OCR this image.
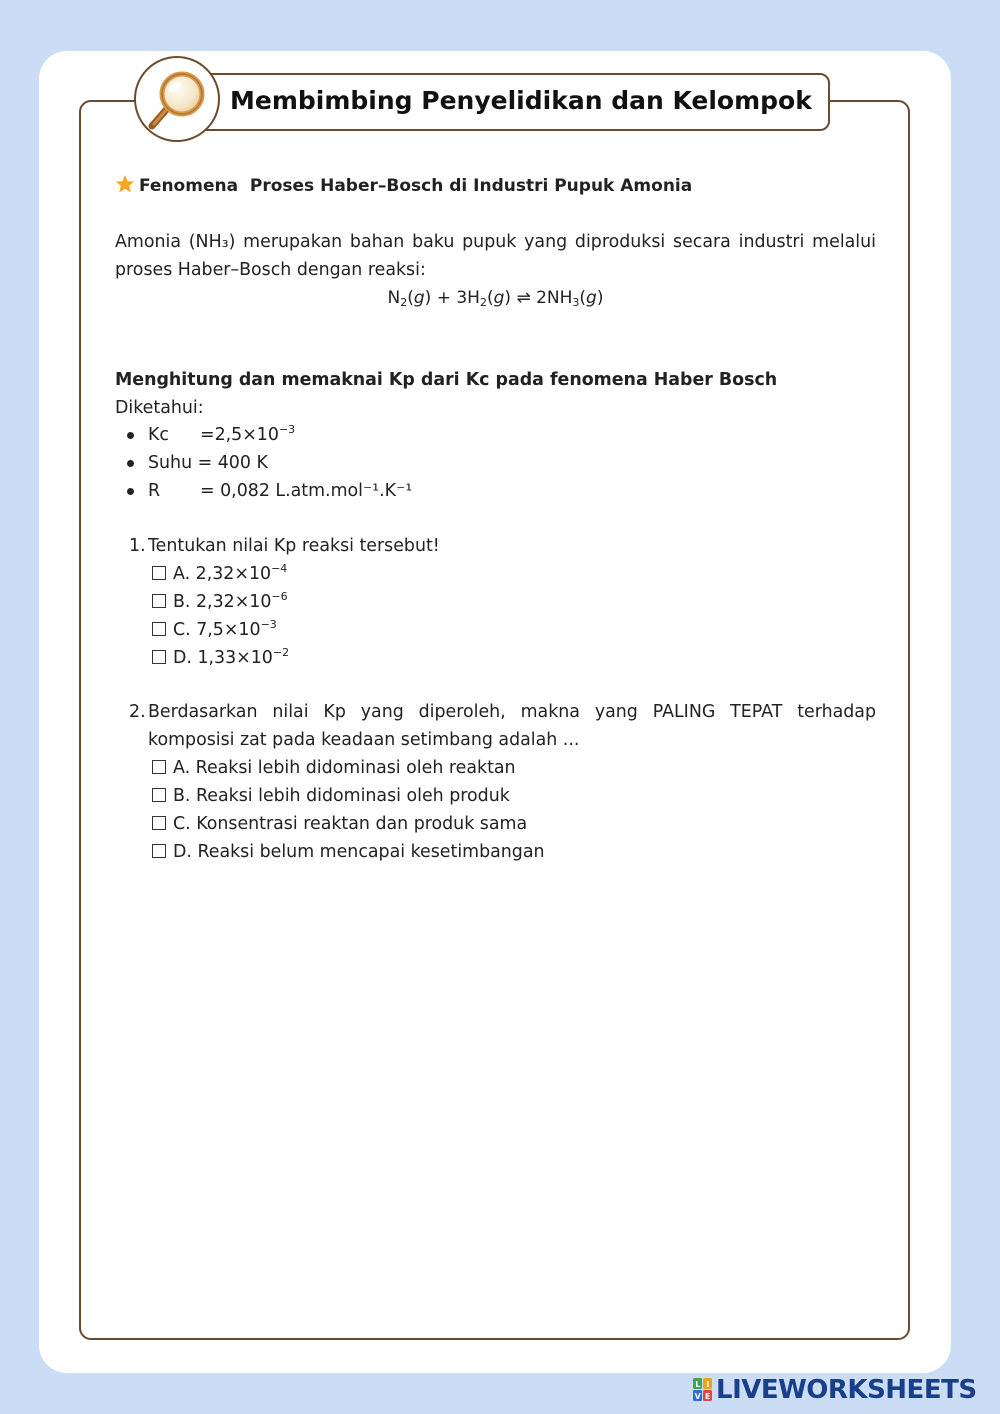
Membimbing Penyelidikan dan Kelompok
Fenomena  Proses Haber–Bosch di Industri Pupuk Amonia
Amonia (NH₃) merupakan bahan baku pupuk yang diproduksi secara industri melalui proses Haber–Bosch dengan reaksi:
$N_2(g) + 3H_2(g)$ ⇌ $2NH_3(g)$
Menghitung dan memaknai Kp dari Kc pada fenomena Haber Bosch
Diketahui:
$Kc =2,5\times 10^{-3}$
Suhu = 400 K
R = 0,082 L.atm.mol⁻¹.K⁻¹
1. Tentukan nilai Kp reaksi tersebut!
A. $2,32\times 10^{-4}$
B. $2,32\times 10^{-6}$
C. $7,5\times 10^{-3}$
D. $1,33\times 10^{-2}$
2. Berdasarkan nilai Kp yang diperoleh, makna yang PALING TEPAT terhadap komposisi zat pada keadaan setimbang adalah ...
A. Reaksi lebih didominasi oleh reaktan
B. Reaksi lebih didominasi oleh produk
C. Konsentrasi reaktan dan produk sama
D. Reaksi belum mencapai kesetimbangan
L I
V E LIVEWORKSHEETS
